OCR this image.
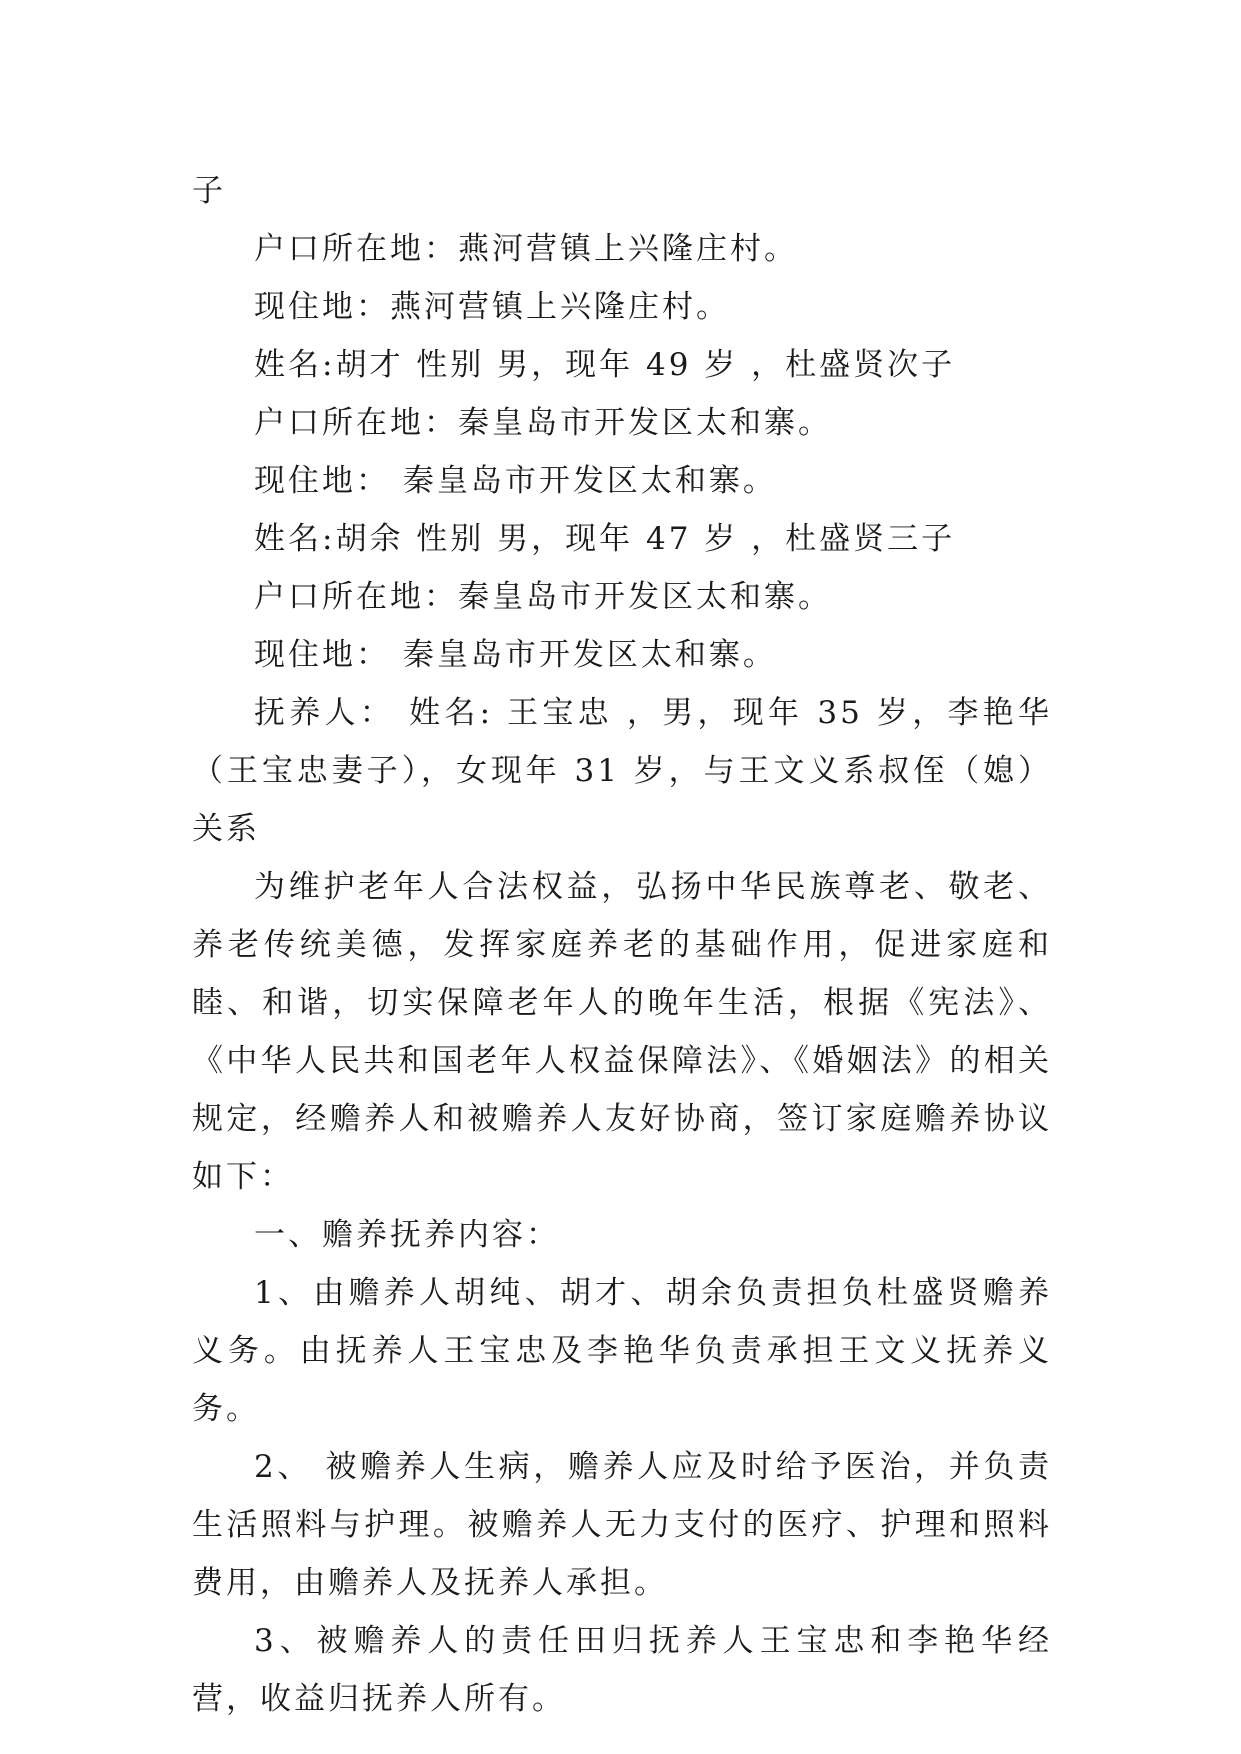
子

户口所在地：燕河营镇上兴隆庄村。

现住地：燕河营镇上兴隆庄村。

姓名:胡才 性别 男，现年 49 岁 ，杜盛贤次子

户口所在地：秦皇岛市开发区太和寨。

现住地： 秦皇岛市开发区太和寨。

姓名:胡余 性别 男，现年 47 岁 ，杜盛贤三子

户口所在地：秦皇岛市开发区太和寨。

现住地： 秦皇岛市开发区太和寨。

抚养人： 姓名: 王宝忠 ，男，现年 35 岁，李艳华（王宝忠妻子），女现年 31 岁，与王文义系叔侄（媳）关系

为维护老年人合法权益，弘扬中华民族尊老、敬老、养老传统美德，发挥家庭养老的基础作用，促进家庭和睦、和谐，切实保障老年人的晚年生活，根据《宪法》、《中华人民共和国老年人权益保障法》、《婚姻法》的相关规定，经赡养人和被赡养人友好协商，签订家庭赡养协议如下：

一、赡养抚养内容：

1、由赡养人胡纯、胡才、胡余负责担负杜盛贤赡养义务。由抚养人王宝忠及李艳华负责承担王文义抚养义务。

2、 被赡养人生病，赡养人应及时给予医治，并负责生活照料与护理。被赡养人无力支付的医疗、护理和照料费用，由赡养人及抚养人承担。

3、被赡养人的责任田归抚养人王宝忠和李艳华经营，收益归抚养人所有。
